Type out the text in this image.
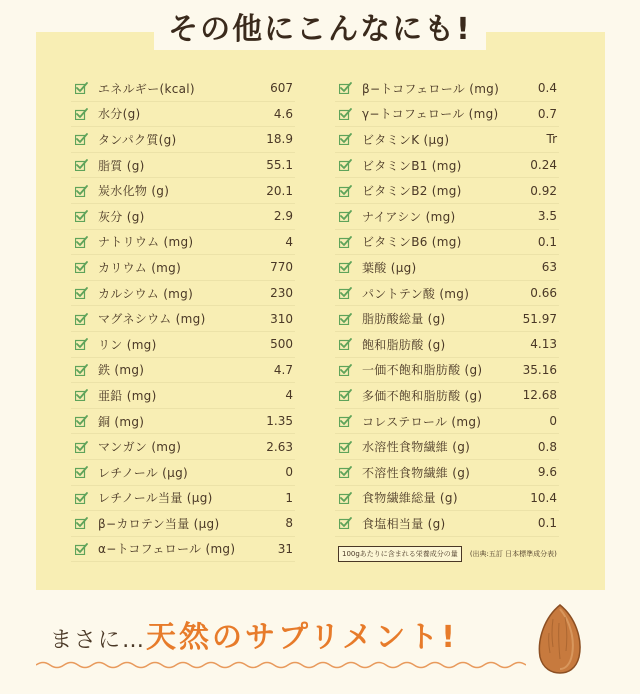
その他にこんなにも!
エネルギー(kcal)	607
水分(g)	4.6
タンパク質(g)	18.9
脂質 (g)	55.1
炭水化物 (g)	20.1
灰分 (g)	2.9
ナトリウム (mg)	4
カリウム (mg)	770
カルシウム (mg)	230
マグネシウム (mg)	310
リン (mg)	500
鉄 (mg)	4.7
亜鉛 (mg)	4
銅 (mg)	1.35
マンガン (mg)	2.63
レチノール (μg)	0
レチノール当量 (μg)	1
β−カロテン当量 (μg)	8
α−トコフェロール (mg)	31
β−トコフェロール (mg)	0.4
γ−トコフェロール (mg)	0.7
ビタミンK (μg)	Tr
ビタミンB1 (mg)	0.24
ビタミンB2 (mg)	0.92
ナイアシン (mg)	3.5
ビタミンB6 (mg)	0.1
葉酸 (μg)	63
パントテン酸 (mg)	0.66
脂肪酸総量 (g)	51.97
飽和脂肪酸 (g)	4.13
一価不飽和脂肪酸 (g)	35.16
多価不飽和脂肪酸 (g)	12.68
コレステロール (mg)	0
水溶性食物繊維 (g)	0.8
不溶性食物繊維 (g)	9.6
食物繊維総量 (g)	10.4
食塩相当量 (g)	0.1
100gあたりに含まれる栄養成分の量	(出典:五訂 日本標準成分表)
まさに… 天然のサプリメント!
